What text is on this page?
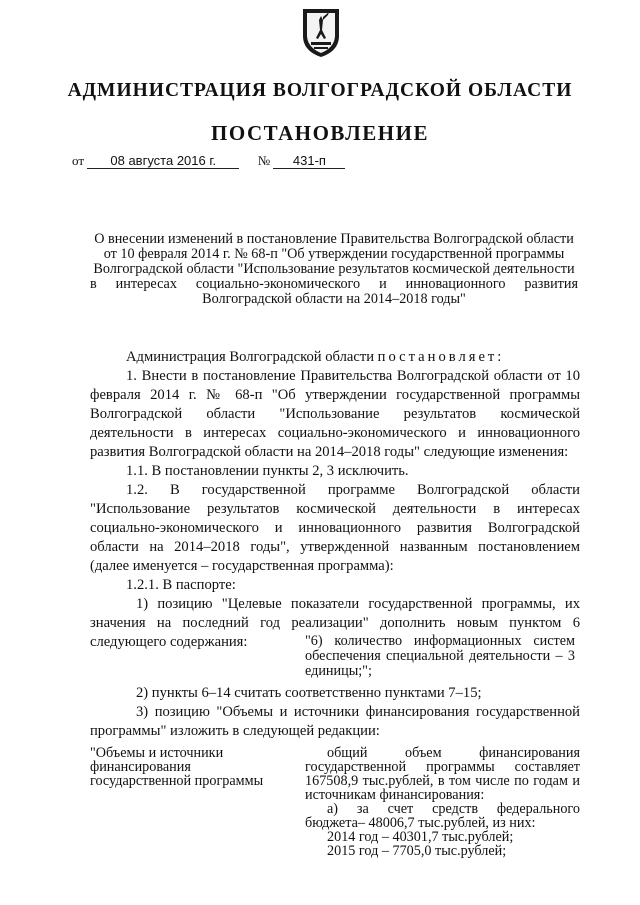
АДМИНИСТРАЦИЯ ВОЛГОГРАДСКОЙ ОБЛАСТИ
ПОСТАНОВЛЕНИЕ
от 08 августа 2016 г.	№ 431-п
О внесении изменений в постановление Правительства Волгоградской области
от 10 февраля 2014 г. № 68-п "Об утверждении государственной программы
Волгоградской области "Использование результатов космической деятельности
в интересах социально-экономического и инновационного развития
Волгоградской области на 2014–2018 годы"

Администрация Волгоградской области постановляет:

1. Внести в постановление Правительства Волгоградской области от 10 февраля 2014 г. № 68-п "Об утверждении государственной программы Волгоградской области "Использование результатов космической деятельности в интересах социально-экономического и инновационного развития Волгоградской области на 2014–2018 годы" следующие изменения:

1.1. В постановлении пункты 2, 3 исключить.

1.2. В государственной программе Волгоградской области "Использование результатов космической деятельности в интересах социально-экономического и инновационного развития Волгоградской области на 2014–2018 годы", утвержденной названным постановлением (далее именуется – государственная программа):

1.2.1. В паспорте:

1) позицию "Целевые показатели государственной программы, их значения на последний год реализации" дополнить новым пунктом 6 следующего содержания:	"6) количество информационных систем обеспечения специальной деятельности – 3 единицы;";

2) пункты 6–14 считать соответственно пунктами 7–15;

3) позицию "Объемы и источники финансирования государственной программы" изложить в следующей редакции:

"Объемы и источники финансирования государственной программы
общий объем финансирования государственной программы составляет 167508,9 тыс.рублей, в том числе по годам и источникам финансирования:
а) за счет средств федерального бюджета– 48006,7 тыс.рублей, из них:
2014 год – 40301,7 тыс.рублей;
2015 год – 7705,0 тыс.рублей;
